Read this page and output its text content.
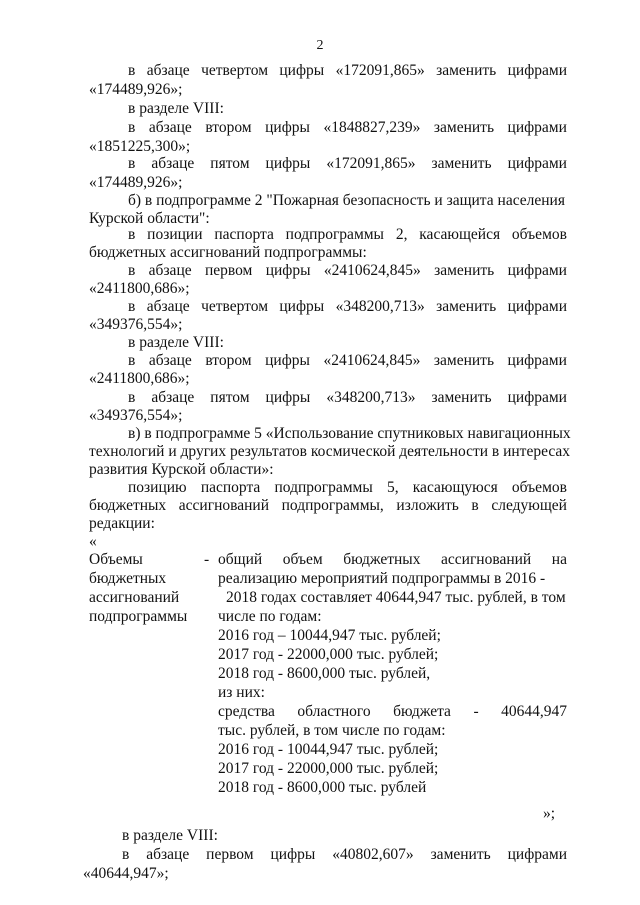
2
в абзаце четвертом цифры «172091,865» заменить цифрами
«174489,926»;
в разделе VIII:
в абзаце втором цифры «1848827,239» заменить цифрами
«1851225,300»;
в абзаце пятом цифры «172091,865» заменить цифрами
«174489,926»;
б) в подпрограмме 2 "Пожарная безопасность и защита населения
Курской области":
в позиции паспорта подпрограммы 2, касающейся объемов
бюджетных ассигнований подпрограммы:
в абзаце первом цифры «2410624,845» заменить цифрами
«2411800,686»;
в абзаце четвертом цифры «348200,713» заменить цифрами
«349376,554»;
в разделе VIII:
в абзаце втором цифры «2410624,845» заменить цифрами
«2411800,686»;
в абзаце пятом цифры «348200,713» заменить цифрами
«349376,554»;
в) в подпрограмме 5 «Использование спутниковых навигационных
технологий и других результатов космической деятельности в интересах
развития Курской области»:
позицию паспорта подпрограммы 5, касающуюся объемов
бюджетных ассигнований подпрограммы, изложить в следующей
редакции:
«
Объемы
бюджетных
ассигнований
подпрограммы
- общий объем бюджетных ассигнований на
реализацию мероприятий подпрограммы в 2016 -
2018 годах составляет 40644,947 тыс. рублей, в том
числе по годам:
2016 год – 10044,947 тыс. рублей;
2017 год - 22000,000 тыс. рублей;
2018 год - 8600,000 тыс. рублей,
из них:
средства областного бюджета - 40644,947
тыс. рублей, в том числе по годам:
2016 год - 10044,947 тыс. рублей;
2017 год - 22000,000 тыс. рублей;
2018 год - 8600,000 тыс. рублей
»;
в разделе VIII:
в абзаце первом цифры «40802,607» заменить цифрами
«40644,947»;
